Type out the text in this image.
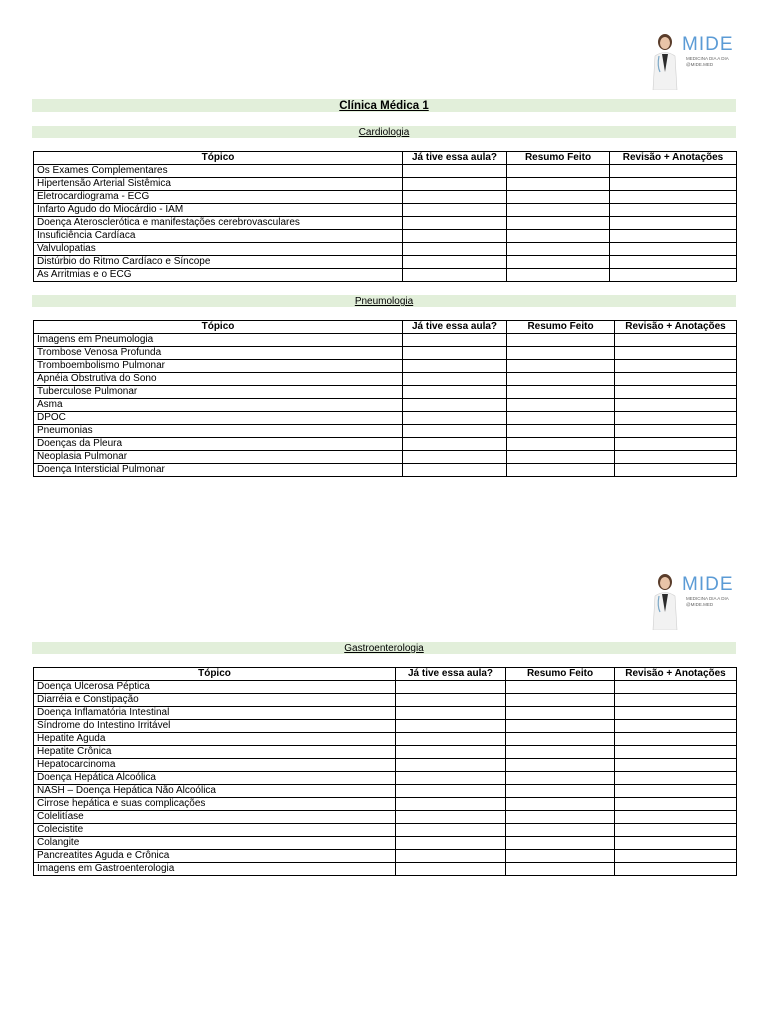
MIDE
MEDICINA DIA A DIA
@MIDE.MED
Clínica Médica 1
Cardiologia
Tópico	Já tive essa aula?	Resumo Feito	Revisão + Anotações
Os Exames Complementares			
Hipertensão Arterial Sistêmica			
Eletrocardiograma - ECG			
Infarto Agudo do Miocárdio - IAM			
Doença Aterosclerótica e manifestações cerebrovasculares			
Insuficiência Cardíaca			
Valvulopatias			
Distúrbio do Ritmo Cardíaco e Síncope			
As Arritmias e o ECG			
Pneumologia
Tópico	Já tive essa aula?	Resumo Feito	Revisão + Anotações
Imagens em Pneumologia			
Trombose Venosa Profunda			
Tromboembolismo Pulmonar			
Apnéia Obstrutiva do Sono			
Tuberculose Pulmonar			
Asma			
DPOC			
Pneumonias			
Doenças da Pleura			
Neoplasia Pulmonar			
Doença Intersticial Pulmonar			
MIDE
MEDICINA DIA A DIA
@MIDE.MED
Gastroenterologia
Tópico	Já tive essa aula?	Resumo Feito	Revisão + Anotações
Doença Ulcerosa Péptica			
Diarréia e Constipação			
Doença Inflamatória Intestinal			
Síndrome do Intestino Irritável			
Hepatite Aguda			
Hepatite Crônica			
Hepatocarcinoma			
Doença Hepática Alcoólica			
NASH – Doença Hepática Não Alcoólica			
Cirrose hepática e suas complicações			
Colelitíase			
Colecistite			
Colangite			
Pancreatites Aguda e Crônica			
Imagens em Gastroenterologia			
